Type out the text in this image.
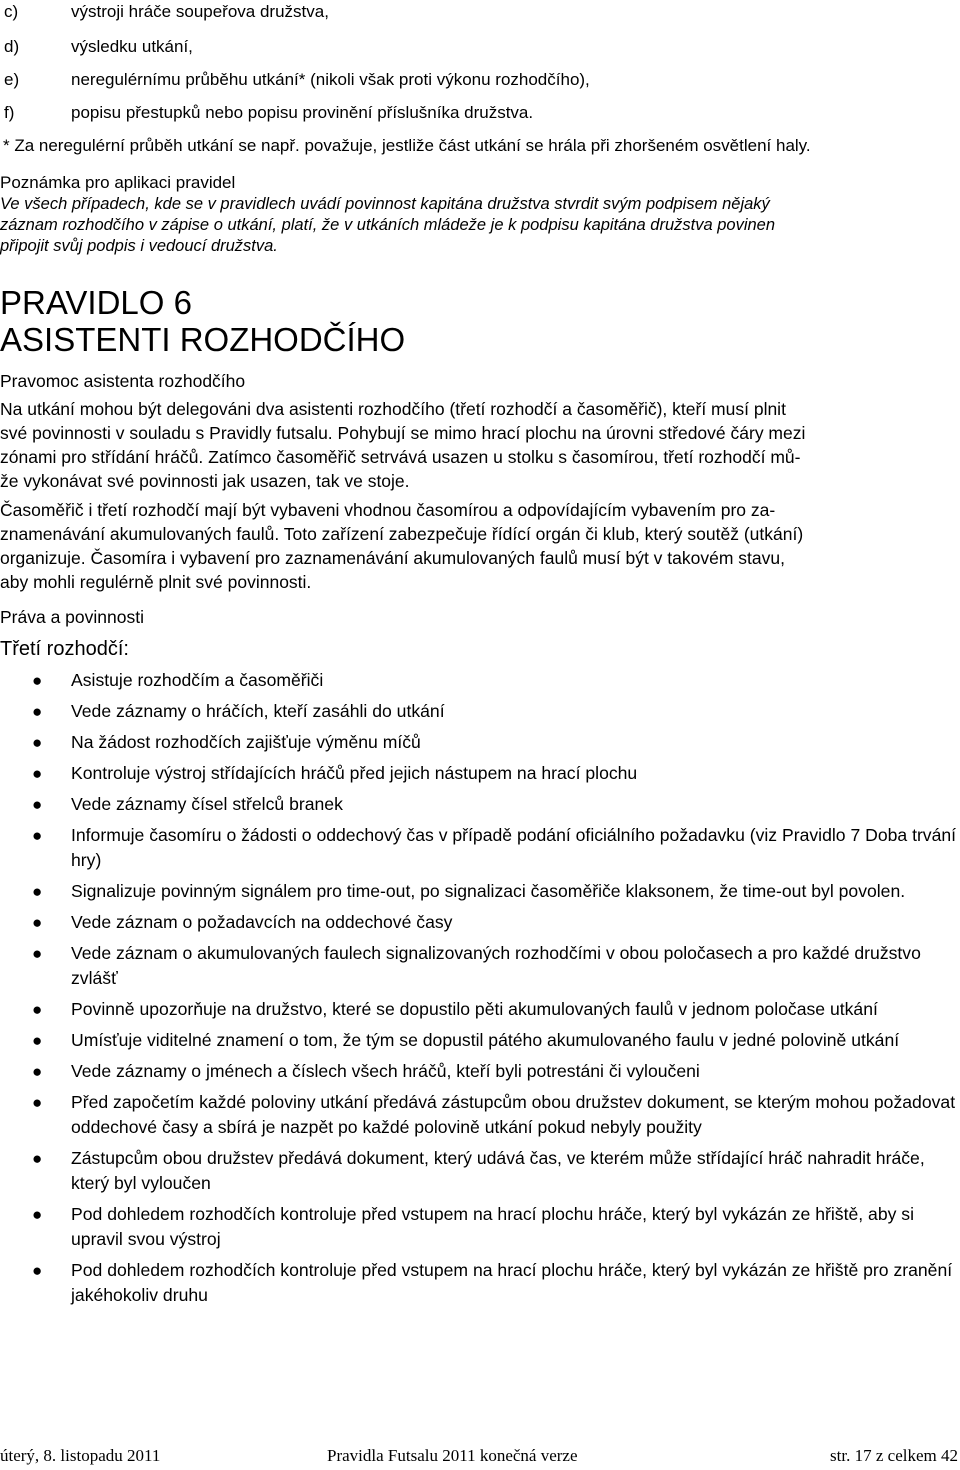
c)	výstroji hráče soupeřova družstva,
d)	výsledku utkání,
e)	neregulérnímu průběhu utkání* (nikoli však proti výkonu rozhodčího),
f)	popisu přestupků nebo popisu provinění příslušníka družstva.
* Za neregulérní průběh utkání se např. považuje, jestliže část utkání se hrála při zhoršeném osvětlení haly.
Poznámka pro aplikaci pravidel
Ve všech případech, kde se v pravidlech uvádí povinnost kapitána družstva stvrdit svým podpisem nějaký
záznam rozhodčího v zápise o utkání, platí, že v utkáních mládeže je k podpisu kapitána družstva povinen
připojit svůj podpis i vedoucí družstva.
PRAVIDLO 6
ASISTENTI ROZHODČÍHO
Pravomoc asistenta rozhodčího
Na utkání mohou být delegováni dva asistenti rozhodčího (třetí rozhodčí a časoměřič), kteří musí plnit
své povinnosti v souladu s Pravidly futsalu. Pohybují se mimo hrací plochu na úrovni středové čáry mezi
zónami pro střídání hráčů. Zatímco časoměřič setrvává usazen u stolku s časomírou, třetí rozhodčí mů-
že vykonávat své povinnosti jak usazen, tak ve stoje.
Časoměřič i třetí rozhodčí mají být vybaveni vhodnou časomírou a odpovídajícím vybavením pro za-
znamenávání akumulovaných faulů. Toto zařízení zabezpečuje řídící orgán či klub, který soutěž (utkání)
organizuje. Časomíra i vybavení pro zaznamenávání akumulovaných faulů musí být v takovém stavu,
aby mohli regulérně plnit své povinnosti.
Práva a povinnosti
Třetí rozhodčí:
● Asistuje rozhodčím a časoměřiči
● Vede záznamy o hráčích, kteří zasáhli do utkání
● Na žádost rozhodčích zajišťuje výměnu míčů
● Kontroluje výstroj střídajících hráčů před jejich nástupem na hrací plochu
● Vede záznamy čísel střelců branek
● Informuje časomíru o žádosti o oddechový čas v případě podání oficiálního požadavku (viz Pravidlo 7 Doba trvání hry)
● Signalizuje povinným signálem pro time-out, po signalizaci časoměřiče klaksonem, že time-out byl povolen.
● Vede záznam o požadavcích na oddechové časy
● Vede záznam o akumulovaných faulech signalizovaných rozhodčími v obou poločasech a pro každé družstvo zvlášť
● Povinně upozorňuje na družstvo, které se dopustilo pěti akumulovaných faulů v jednom poločase utkání
● Umísťuje viditelné znamení o tom, že tým se dopustil pátého akumulovaného faulu v jedné polovině utkání
● Vede záznamy o jménech a číslech všech hráčů, kteří byli potrestáni či vyloučeni
● Před započetím každé poloviny utkání předává zástupcům obou družstev dokument, se kterým mohou požadovat oddechové časy a sbírá je nazpět po každé polovině utkání pokud nebyly použity
● Zástupcům obou družstev předává dokument, který udává čas, ve kterém může střídající hráč nahradit hráče, který byl vyloučen
● Pod dohledem rozhodčích kontroluje před vstupem na hrací plochu hráče, který byl vykázán ze hřiště, aby si upravil svou výstroj
● Pod dohledem rozhodčích kontroluje před vstupem na hrací plochu hráče, který byl vykázán ze hřiště pro zranění jakéhokoliv druhu
úterý, 8. listopadu 2011	Pravidla Futsalu 2011 konečná verze	str. 17 z celkem 42
